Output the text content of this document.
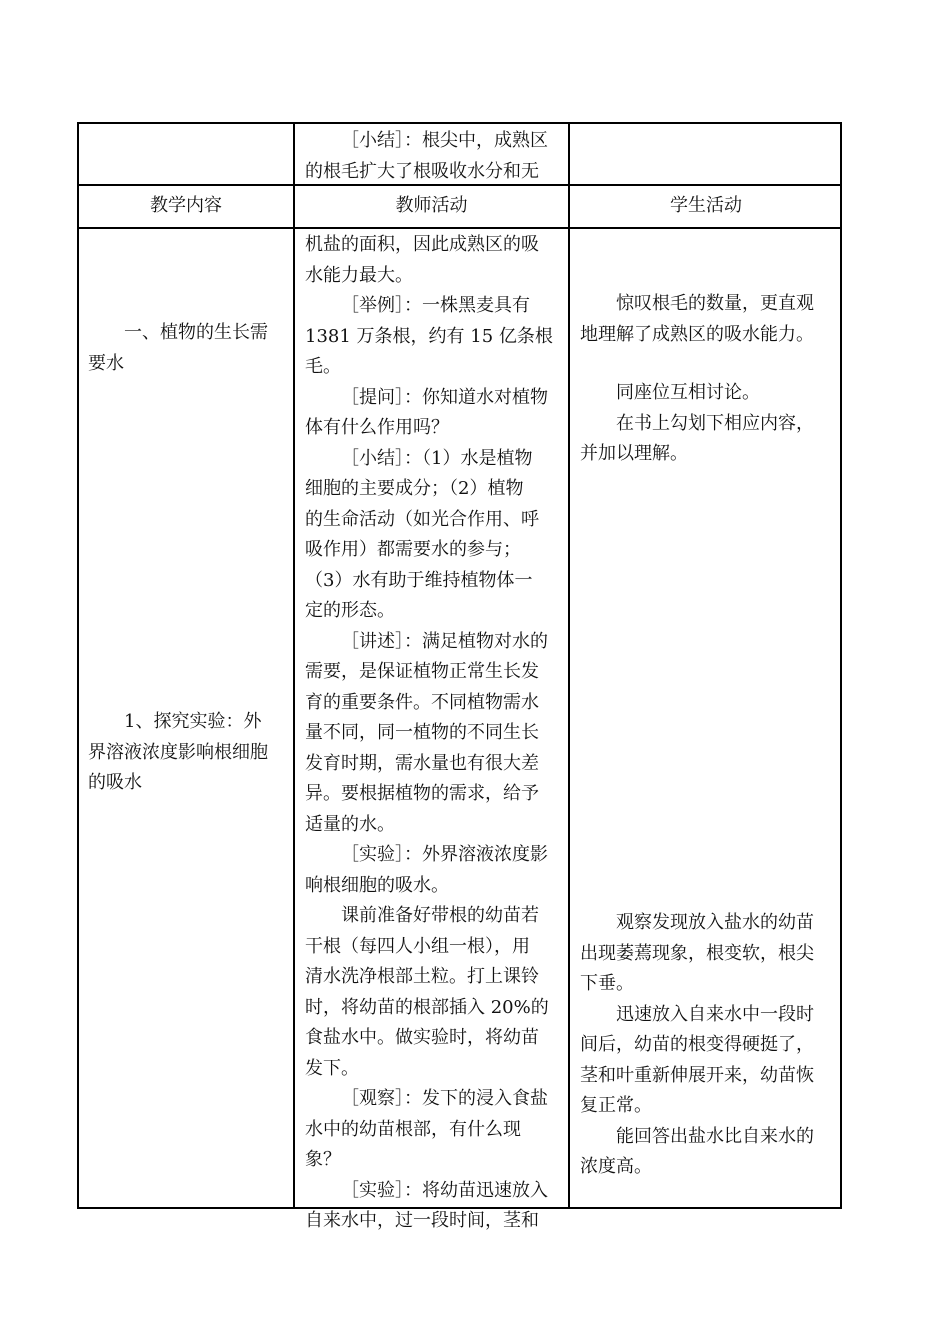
［小结］：根尖中，成熟区

的根毛扩大了根吸收水分和无

教学内容	教师活动	学生活动

一、植物的生长需

要水

1、探究实验：外

界溶液浓度影响根细胞

的吸水

机盐的面积，因此成熟区的吸

水能力最大。

［举例］：一株黑麦具有

1381 万条根，约有 15 亿条根

毛。

［提问］：你知道水对植物

体有什么作用吗？

［小结］：（1）水是植物

细胞的主要成分；（2）植物

的生命活动（如光合作用、呼

吸作用）都需要水的参与；

（3）水有助于维持植物体一

定的形态。

［讲述］：满足植物对水的

需要，是保证植物正常生长发

育的重要条件。不同植物需水

量不同，同一植物的不同生长

发育时期，需水量也有很大差

异。要根据植物的需求，给予

适量的水。

［实验］：外界溶液浓度影

响根细胞的吸水。

课前准备好带根的幼苗若

干根（每四人小组一根），用

清水洗净根部土粒。打上课铃

时，将幼苗的根部插入 20%的

食盐水中。做实验时，将幼苗

发下。

［观察］：发下的浸入食盐

水中的幼苗根部，有什么现

象？

［实验］：将幼苗迅速放入

自来水中，过一段时间，茎和

惊叹根毛的数量，更直观

地理解了成熟区的吸水能力。

同座位互相讨论。

在书上勾划下相应内容，

并加以理解。

观察发现放入盐水的幼苗

出现萎蔫现象，根变软，根尖

下垂。

迅速放入自来水中一段时

间后，幼苗的根变得硬挺了，

茎和叶重新伸展开来，幼苗恢

复正常。

能回答出盐水比自来水的

浓度高。
